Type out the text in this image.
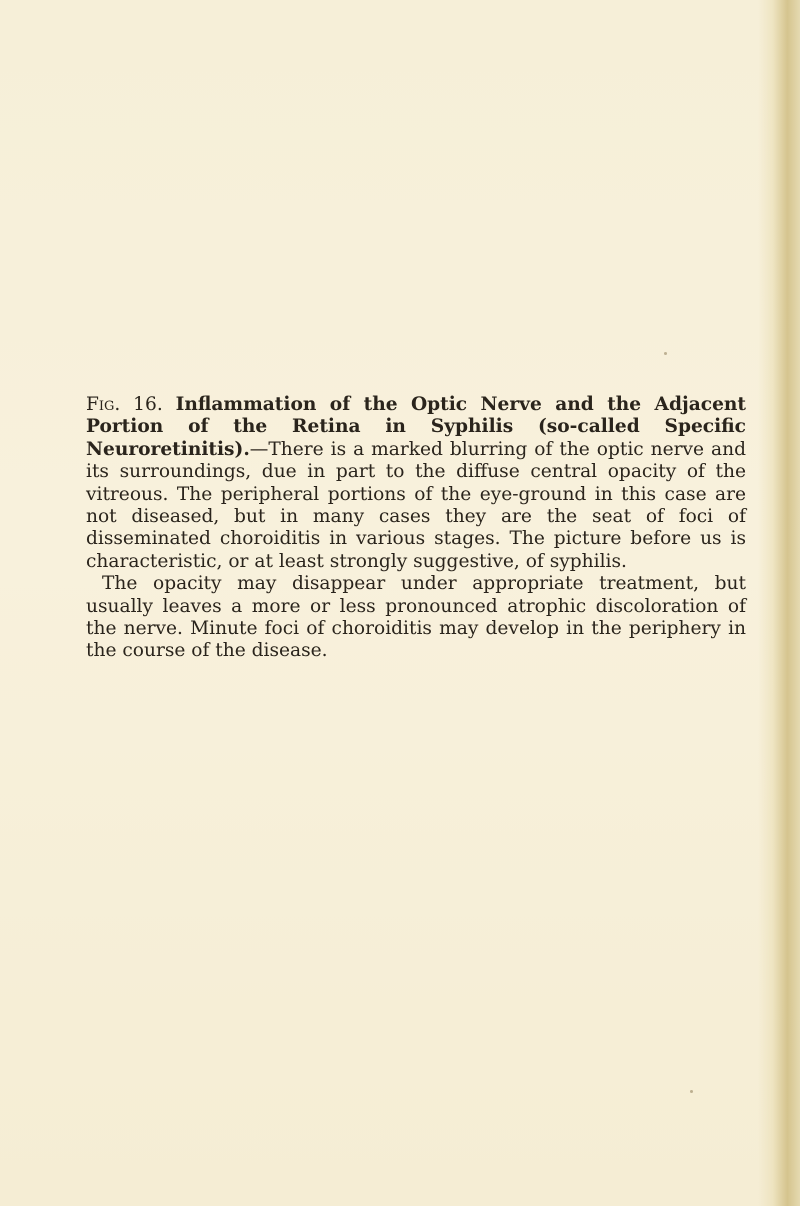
Fig. 16. Inflammation of the Optic Nerve and the Adjacent Portion of the Retina in Syphilis (so-called Specific Neuroretinitis).—There is a marked blurring of the optic nerve and its surroundings, due in part to the diffuse central opacity of the vitreous. The peripheral portions of the eye-ground in this case are not diseased, but in many cases they are the seat of foci of disseminated choroiditis in various stages. The picture before us is characteristic, or at least strongly suggestive, of syphilis.

The opacity may disappear under appropriate treatment, but usually leaves a more or less pronounced atrophic discoloration of the nerve. Minute foci of choroiditis may develop in the periphery in the course of the disease.
